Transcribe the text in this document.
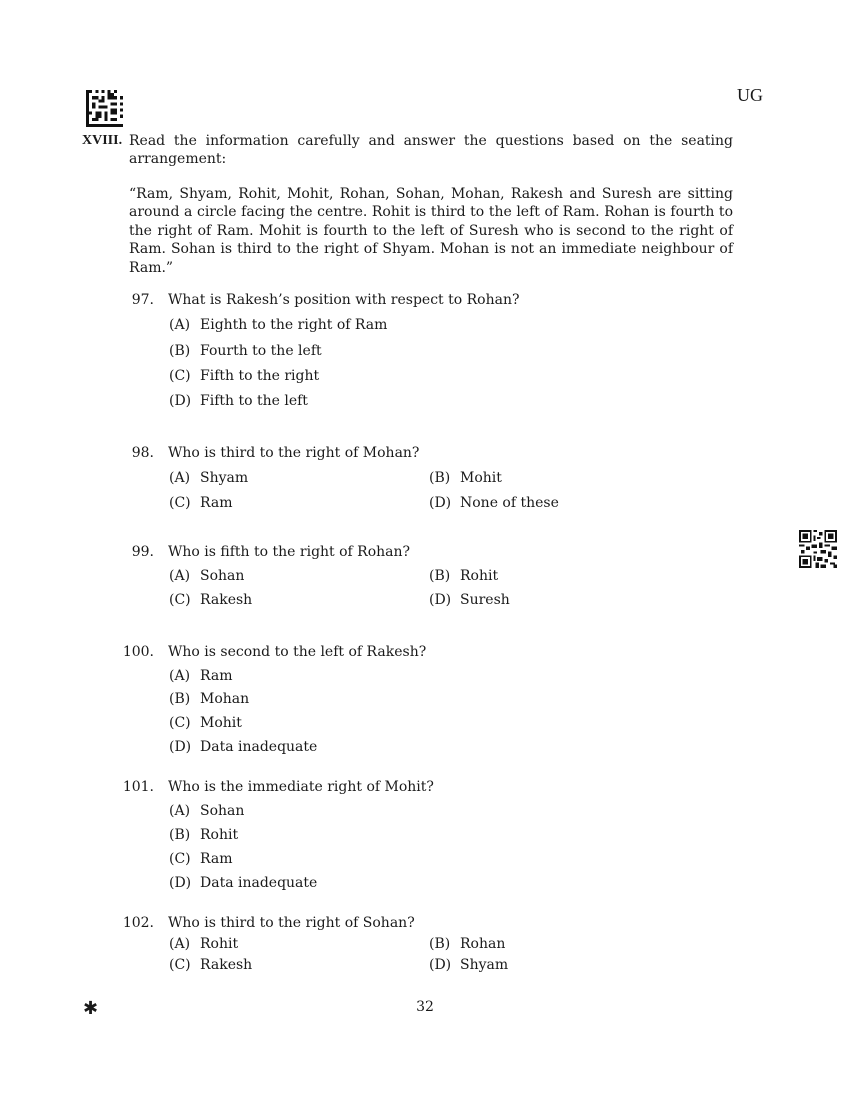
UG
XVIII. Read the information carefully and answer the questions based on the seating arrangement:
“Ram, Shyam, Rohit, Mohit, Rohan, Sohan, Mohan, Rakesh and Suresh are sitting around a circle facing the centre. Rohit is third to the left of Ram. Rohan is fourth to the right of Ram. Mohit is fourth to the left of Suresh who is second to the right of Ram. Sohan is third to the right of Shyam. Mohan is not an immediate neighbour of Ram.”
97. What is Rakesh’s position with respect to Rohan?
(A) Eighth to the right of Ram
(B) Fourth to the left
(C) Fifth to the right
(D) Fifth to the left
98. Who is third to the right of Mohan?
(A) Shyam	(B) Mohit
(C) Ram	(D) None of these
99. Who is fifth to the right of Rohan?
(A) Sohan	(B) Rohit
(C) Rakesh	(D) Suresh
100. Who is second to the left of Rakesh?
(A) Ram
(B) Mohan
(C) Mohit
(D) Data inadequate
101. Who is the immediate right of Mohit?
(A) Sohan
(B) Rohit
(C) Ram
(D) Data inadequate
102. Who is third to the right of Sohan?
(A) Rohit	(B) Rohan
(C) Rakesh	(D) Shyam
✱	32
